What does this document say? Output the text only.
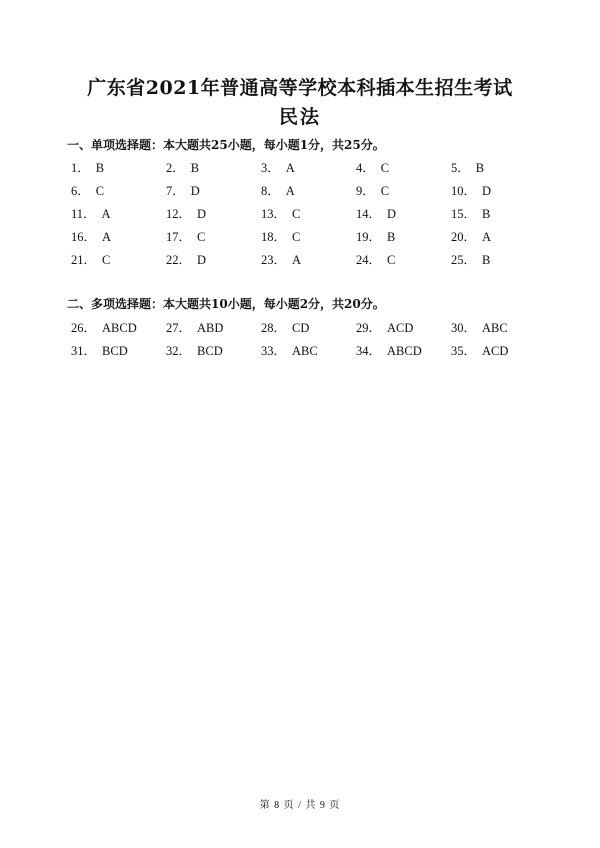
广东省2021年普通高等学校本科插本生招生考试
民法
一、单项选择题：本大题共25小题，每小题1分，共25分。
1． B	2． B	3． A	4． C	5． B
6． C	7． D	8． A	9． C	10． D
11． A	12． D	13． C	14． D	15． B
16． A	17． C	18． C	19． B	20． A
21． C	22． D	23． A	24． C	25． B
二、多项选择题：本大题共10小题，每小题2分，共20分。
26． ABCD	27． ABD	28． CD	29． ACD	30． ABC
31． BCD	32． BCD	33． ABC	34． ABCD	35． ACD
第 8 页 / 共 9 页
